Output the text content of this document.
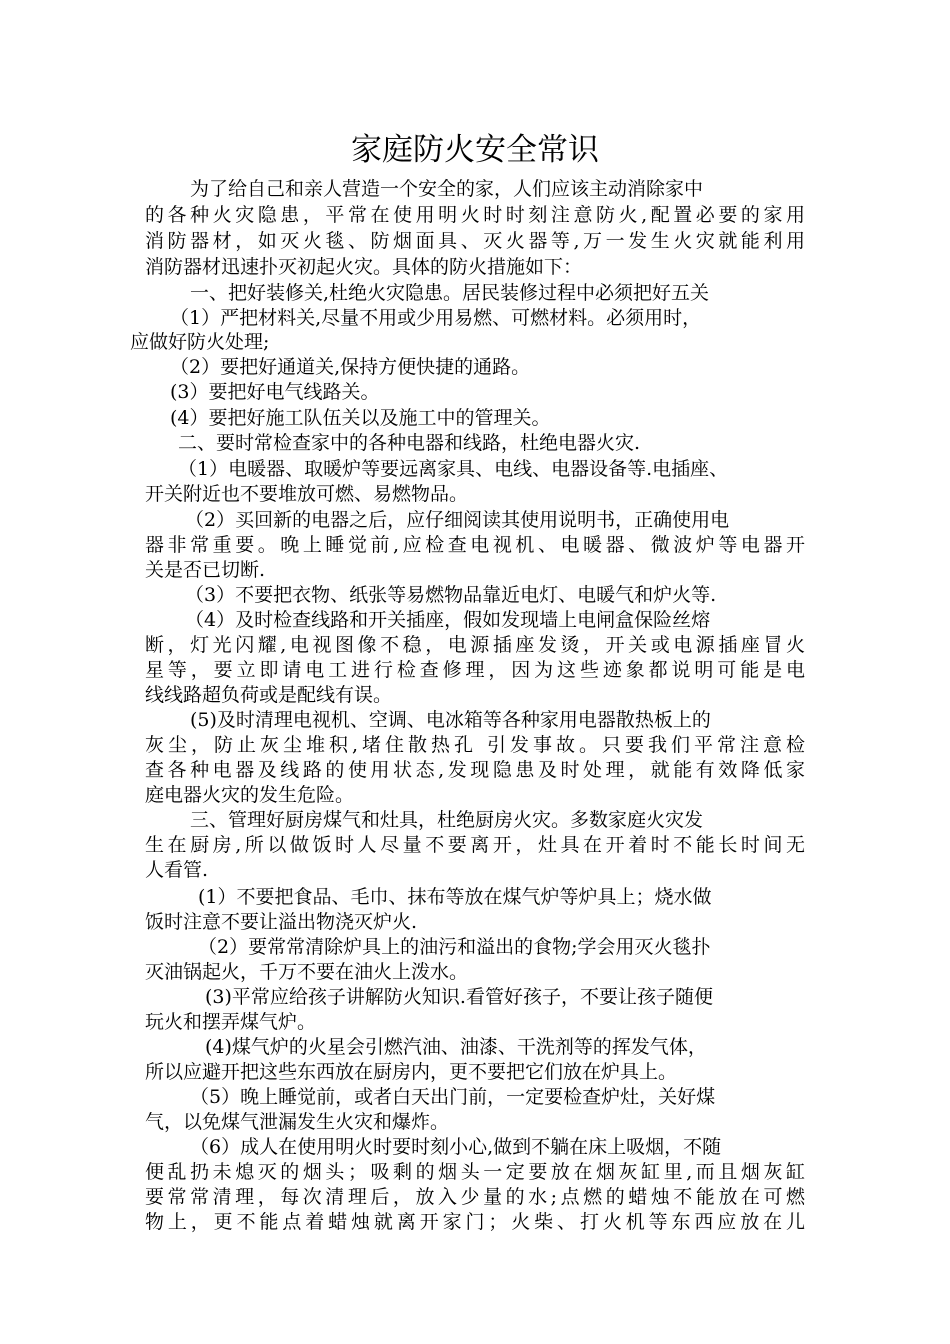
家庭防火安全常识
为了给自己和亲人营造一个安全的家，人们应该主动消除家中
的各种火灾隐患，平常在使用明火时时刻注意防火,配置必要的家用
消防器材，如灭火毯、防烟面具、灭火器等,万一发生火灾就能利用
消防器材迅速扑灭初起火灾。具体的防火措施如下：
一、把好装修关,杜绝火灾隐患。居民装修过程中必须把好五关
（1）严把材料关,尽量不用或少用易燃、可燃材料。必须用时，
应做好防火处理;
（2）要把好通道关,保持方便快捷的通路。
(3）要把好电气线路关。
(4）要把好施工队伍关以及施工中的管理关。
二、要时常检查家中的各种电器和线路，杜绝电器火灾.
（1）电暖器、取暖炉等要远离家具、电线、电器设备等.电插座、
开关附近也不要堆放可燃、易燃物品。
（2）买回新的电器之后，应仔细阅读其使用说明书，正确使用电
器非常重要。晚上睡觉前,应检查电视机、电暖器、微波炉等电器开
关是否已切断.
（3）不要把衣物、纸张等易燃物品靠近电灯、电暖气和炉火等.
（4）及时检查线路和开关插座，假如发现墙上电闸盒保险丝熔
断，灯光闪耀,电视图像不稳，电源插座发烫，开关或电源插座冒火
星等，要立即请电工进行检查修理，因为这些迹象都说明可能是电
线线路超负荷或是配线有误。
(5)及时清理电视机、空调、电冰箱等各种家用电器散热板上的
灰尘，防止灰尘堆积,堵住散热孔 引发事故。只要我们平常注意检
查各种电器及线路的使用状态,发现隐患及时处理，就能有效降低家
庭电器火灾的发生危险。
三、管理好厨房煤气和灶具，杜绝厨房火灾。多数家庭火灾发
生在厨房,所以做饭时人尽量不要离开，灶具在开着时不能长时间无
人看管.
(1）不要把食品、毛巾、抹布等放在煤气炉等炉具上；烧水做
饭时注意不要让溢出物浇灭炉火.
（2）要常常清除炉具上的油污和溢出的食物;学会用灭火毯扑
灭油锅起火，千万不要在油火上泼水。
(3)平常应给孩子讲解防火知识.看管好孩子，不要让孩子随便
玩火和摆弄煤气炉。
(4)煤气炉的火星会引燃汽油、油漆、干洗剂等的挥发气体，
所以应避开把这些东西放在厨房内，更不要把它们放在炉具上。
（5）晚上睡觉前，或者白天出门前，一定要检查炉灶，关好煤
气，以免煤气泄漏发生火灾和爆炸。
（6）成人在使用明火时要时刻小心,做到不躺在床上吸烟，不随
便乱扔未熄灭的烟头；吸剩的烟头一定要放在烟灰缸里,而且烟灰缸
要常常清理，每次清理后，放入少量的水;点燃的蜡烛不能放在可燃
物上，更不能点着蜡烛就离开家门；火柴、打火机等东西应放在儿
